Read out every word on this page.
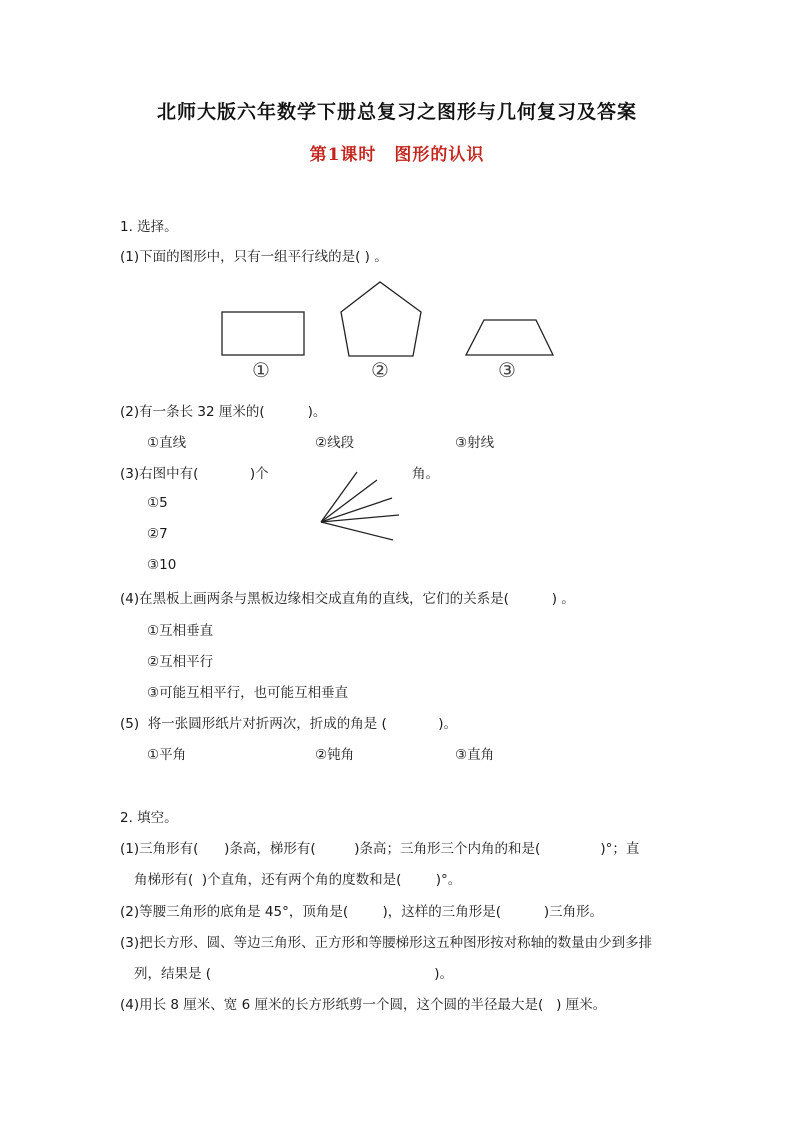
北师大版六年数学下册总复习之图形与几何复习及答案
第1课时　图形的认识
1. 选择。
(1)下面的图形中，只有一组平行线的是( ) 。
①	②	③
(2)有一条长 32 厘米的(          )。
①直线	②线段	③射线
(3)右图中有(            )个	角。
①5
②7
③10
(4)在黑板上画两条与黑板边缘相交成直角的直线，它们的关系是(          ) 。
①互相垂直
②互相平行
③可能互相平行，也可能互相垂直
(5)  将一张圆形纸片对折两次，折成的角是 (            )。
①平角	②钝角	③直角
2. 填空。
(1)三角形有(      )条高，梯形有(         )条高；三角形三个内角的和是(              )°；直
角梯形有(  )个直角，还有两个角的度数和是(        )°。
(2)等腰三角形的底角是 45°，顶角是(        )，这样的三角形是(          )三角形。
(3)把长方形、圆、等边三角形、正方形和等腰梯形这五种图形按对称轴的数量由少到多排
列，结果是 (                                                    )。
(4)用长 8 厘米、宽 6 厘米的长方形纸剪一个圆，这个圆的半径最大是(   ) 厘米。
